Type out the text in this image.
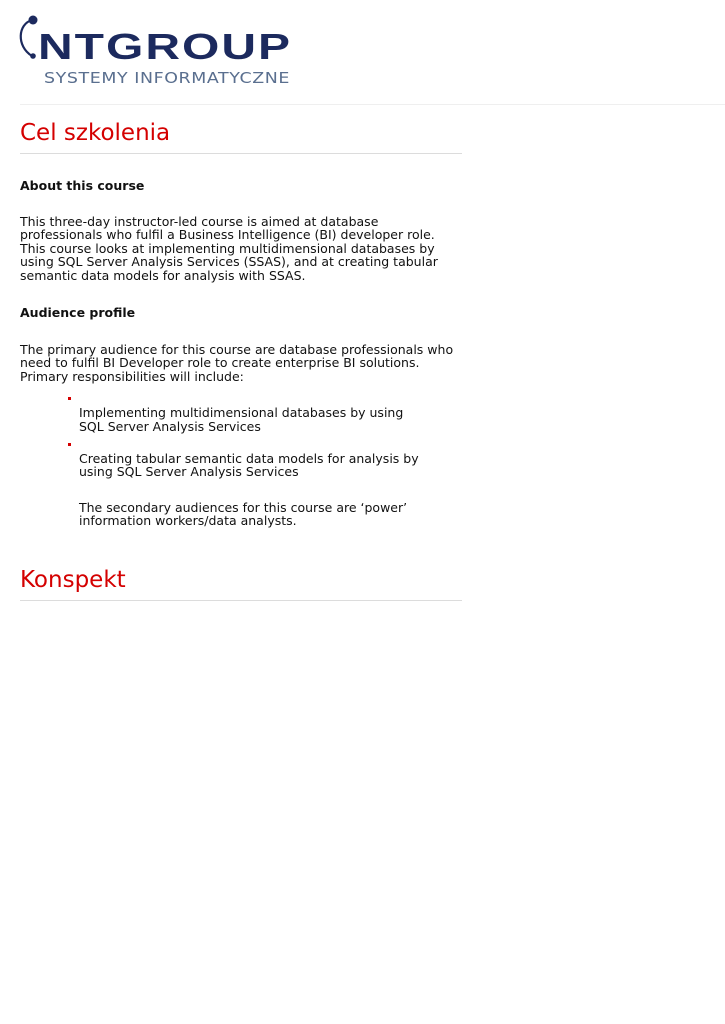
NTGROUP
SYSTEMY INFORMATYCZNE
Cel szkolenia

About this course

This three-day instructor-led course is aimed at database professionals who fulfil a Business Intelligence (BI) developer role. This course looks at implementing multidimensional databases by using SQL Server Analysis Services (SSAS), and at creating tabular semantic data models for analysis with SSAS.

Audience profile

The primary audience for this course are database professionals who need to fulfil BI Developer role to create enterprise BI solutions. Primary responsibilities will include:

Implementing multidimensional databases by using SQL Server Analysis Services
Creating tabular semantic data models for analysis by using SQL Server Analysis Services

The secondary audiences for this course are ‘power’ information workers/data analysts.

Konspekt
